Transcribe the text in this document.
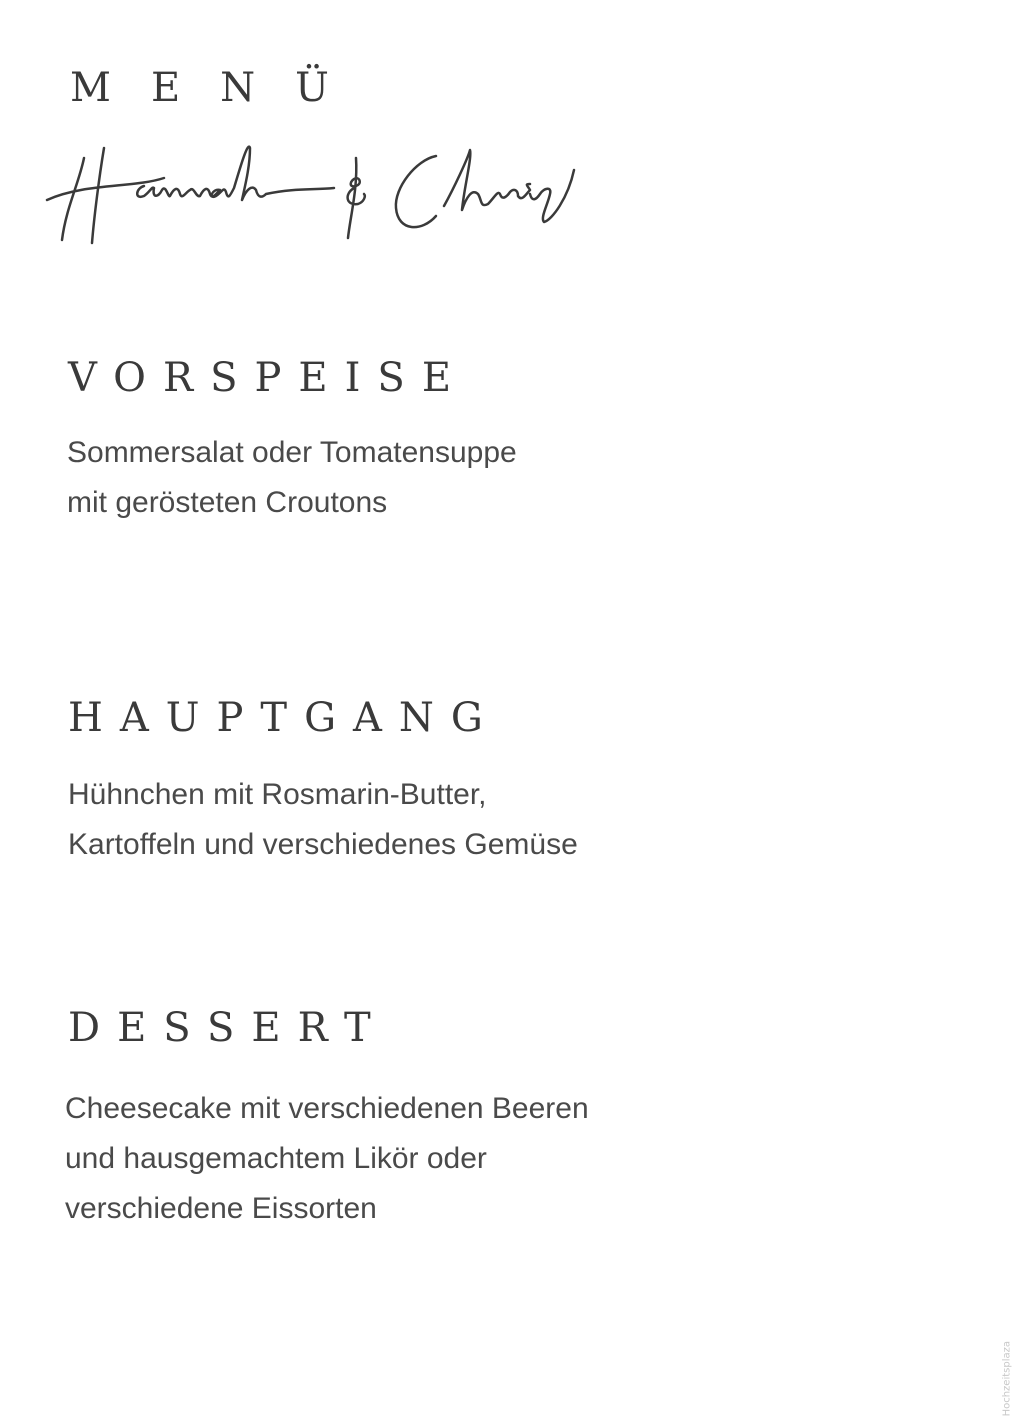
MENÜ
VORSPEISE
Sommersalat oder Tomatensuppe
mit gerösteten Croutons
HAUPTGANG
Hühnchen mit Rosmarin-Butter,
Kartoffeln und verschiedenes Gemüse
DESSERT
Cheesecake mit verschiedenen Beeren
und hausgemachtem Likör oder
verschiedene Eissorten
Hochzeitsplaza
